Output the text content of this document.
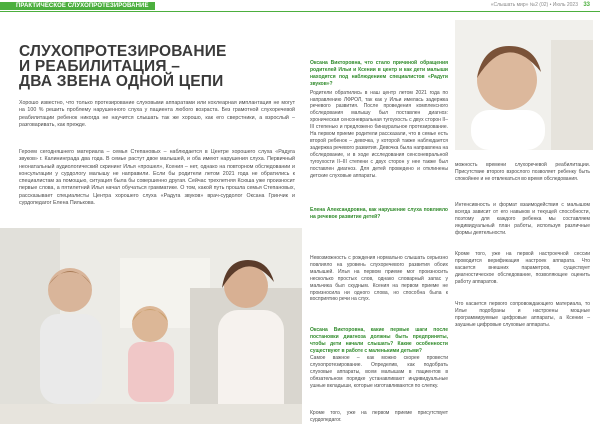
ПРАКТИЧЕСКОЕ СЛУХОПРОТЕЗИРОВАНИЕ	«Слышать мир» №2 (02) • Июль 2023 33
СЛУХОПРОТЕЗИРОВАНИЕ
И РЕАБИЛИТАЦИЯ –
ДВА ЗВЕНА ОДНОЙ ЦЕПИ

Хорошо известно, что только протезирование слуховыми аппаратами или кохлеарная имплантация не могут на 100 % решить проблему нарушенного слуха у пациента любого возраста. Без грамотной слухоречевой реабилитации ребенок никогда не научится слышать так же хорошо, как его сверстники, а взрослый – разговаривать, как прежде.

Героем сегодняшнего материала – семья Степановых – наблюдается в Центре хорошего слуха «Радуга звуков» г. Калининграда два года. В семье растут двое малышей, и оба имеют нарушения слуха. Первичный неонатальный аудиологический скрининг Илья «прошел», Ксения – нет, однако на повторном обследовании и консультации у сурдологу малышу не направили. Если бы родители летом 2021 года не обратились к специалистам за помощью, ситуация была бы совершенно другая. Сейчас трехлетняя Ксюша уже произносит первые слова, а пятилетний Илья начал обучаться грамматике. О том, какой путь прошла семья Степановых, рассказывает специалисты Центра хорошего слуха «Радуга звуков» врач-сурдолог Оксана Гринчик и сурдопедагог Елена Пилькова.

Оксана Викторовна, что стало причиной обращения родителей Ильи и Ксении в центр и как дети малыши находятся под наблюдением специалистов «Радуги звуков»?

Родители обратились в наш центр летом 2021 года по направлению ЛФРОЛ, так как у Ильи имелась задержка речевого развития. После проведения комплексного обследования малышу был поставлен диагноз: хроническая сенсоневральная тугоухость с двух сторон II–III степенью и предложено бинауральное протезирование. На первом приеме родители рассказали, что в семье есть второй ребенок – девочка, у которой также наблюдается задержка речевого развития. Девочка была направлена на обследование, и в ходе исследования сенсоневральной тугоухости II–III степени с двух сторон у нее также был поставлен диагноз. Для детей проведено и отклинены детские слуховые аппараты.

Елена Александровна, как нарушение слуха повлияло на речевое развитие детей?

Невозможность с рождения нормально слышать серьезно повлияло на уровень слухоречевого развития обоих малышей. Илья на первом приеме мог произносить несколько простых слов, однако словарный запас у мальчика был скудным. Ксения на первом приеме не произносила ни одного слова, но способна была к восприятию речи на слух.

Оксана Викторовна, какие первые шаги после постановки диагноза должны быть предприняты, чтобы дети начали слышать? Какие особенности существуют в работе с маленькими детьми?

Самое важное – как можно скорее провести слухопротезирование. Определив, как подобрать слуховые аппараты, всем малышам в пациентов в обязательном порядке устанавливают индивидуальные ушные вкладыши, которые изготавливаются по слепку.

Кроме того, уже на первом приеме присутствует сурдопедагог.

можность времени слухоречевой реабилитации. Присутствие второго взрослого позволяет ребенку быть спокойнее и не отвлекаться во время обследования.

Интенсивность и формат взаимодействия с малышом всегда зависит от его навыков и текущей способности, поэтому для каждого ребенка мы составляем индивидуальный план работы, используя различные формы деятельности.

Кроме того, уже на первой настроечной сессии проводится верификация настроек аппарата. Что касается внешних параметров, существует диагностическое обследование, позволяющее оценить работу аппаратов.

Что касается первого сопровождающего материала, то Илье подобраны и настроены мощные программируемые цифровые аппараты, а Ксении – заушные цифровые слуховые аппараты.
